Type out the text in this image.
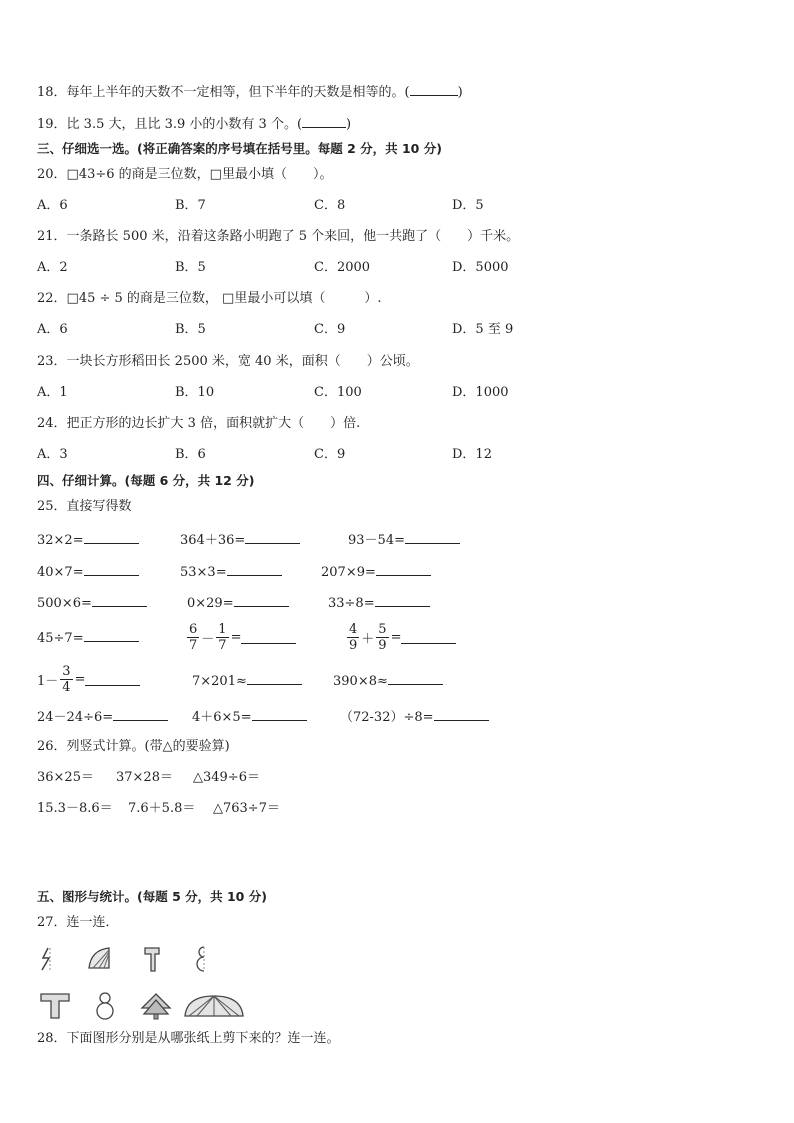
18．每年上半年的天数不一定相等，但下半年的天数是相等的。(	)
19．比 3.5 大，且比 3.9 小的小数有 3 个。(	)
三、仔细选一选。(将正确答案的序号填在括号里。每题 2 分，共 10 分)
20．□43÷6 的商是三位数，□里最小填（　　）。
A．6	B．7	C．8	D．5
21．一条路长 500 米，沿着这条路小明跑了 5 个来回，他一共跑了（　　）千米。
A．2	B．5	C．2000	D．5000
22．□45 ÷ 5 的商是三位数， □里最小可以填（　　　）.
A．6	B．5	C．9	D．5 至 9
23．一块长方形稻田长 2500 米，宽 40 米，面积（　　）公顷。
A．1	B．10	C．100	D．1000
24．把正方形的边长扩大 3 倍，面积就扩大（　　）倍.
A．3	B．6	C．9	D．12
四、仔细计算。(每题 6 分，共 12 分)
25．直接写得数
32×2=	364＋36=	93－54=
40×7=	53×3=	207×9=
500×6=	0×29=	33÷8=
45÷7=	$\frac{6}{7} - \frac{1}{7}$ =	$\frac{4}{9} + \frac{5}{9}$ =
$1- \frac{3}{4}$ =	7×201≈	390×8≈
24－24÷6=	4＋6×5=	（72-32）÷8=
26．列竖式计算。(带△的要验算)
36×25＝ 37×28＝ △349÷6＝
15.3－8.6＝ 7.6＋5.8＝ △763÷7＝
五、图形与统计。(每题 5 分，共 10 分)
27．连一连．
28．下面图形分别是从哪张纸上剪下来的？连一连。
